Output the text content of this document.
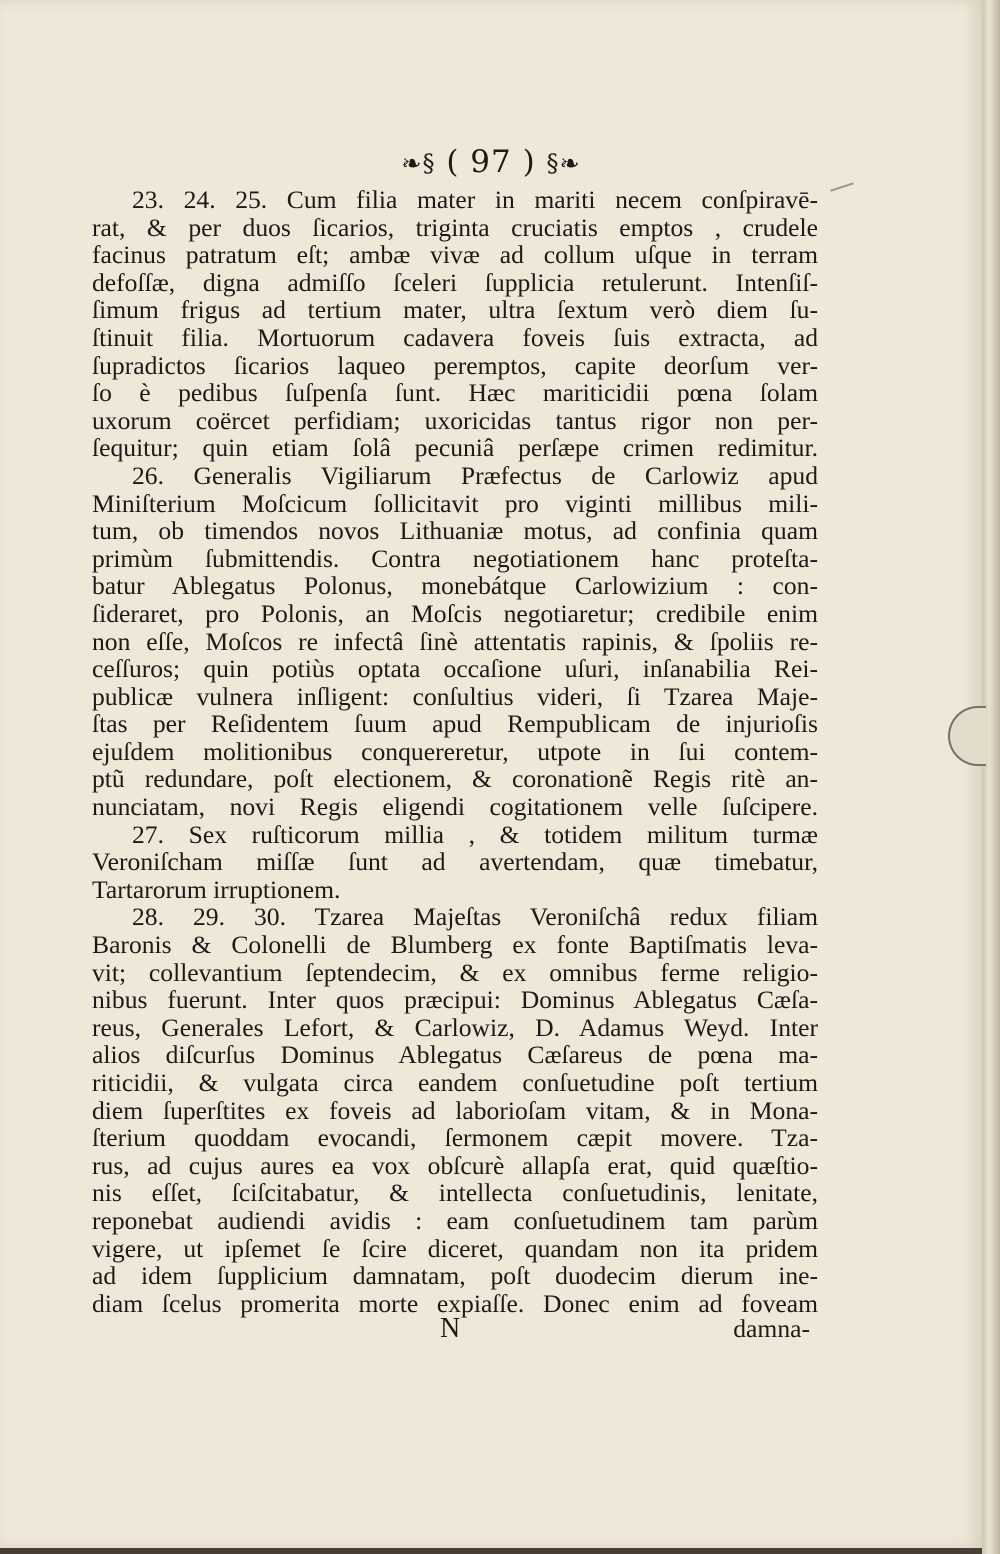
❧§ ( 97 ) §❧
23. 24. 25. Cum filia mater in mariti necem conſpiravē-
rat, & per duos ſicarios, triginta cruciatis emptos , crudele
facinus patratum eſt; ambæ vivæ ad collum uſque in terram
defoſſæ, digna admiſſo ſceleri ſupplicia retulerunt. Intenſiſ-
ſimum frigus ad tertium mater, ultra ſextum verò diem ſu-
ſtinuit filia. Mortuorum cadavera foveis ſuis extracta, ad
ſupradictos ſicarios laqueo peremptos, capite deorſum ver-
ſo è pedibus ſuſpenſa ſunt. Hæc mariticidii pœna ſolam
uxorum coërcet perfidiam; uxoricidas tantus rigor non per-
ſequitur; quin etiam ſolâ pecuniâ perſæpe crimen redimitur.
26. Generalis Vigiliarum Præfectus de Carlowiz apud
Miniſterium Moſcicum ſollicitavit pro viginti millibus mili-
tum, ob timendos novos Lithuaniæ motus, ad confinia quam
primùm ſubmittendis. Contra negotiationem hanc proteſta-
batur Ablegatus Polonus, monebátque Carlowizium : con-
ſideraret, pro Polonis, an Moſcis negotiaretur; credibile enim
non eſſe, Moſcos re infectâ ſinè attentatis rapinis, & ſpoliis re-
ceſſuros; quin potiùs optata occaſione uſuri, inſanabilia Rei-
publicæ vulnera inſligent: conſultius videri, ſi Tzarea Maje-
ſtas per Reſidentem ſuum apud Rempublicam de injurioſis
ejuſdem molitionibus conquereretur, utpote in ſui contem-
ptũ redundare, poſt electionem, & coronationẽ Regis ritè an-
nunciatam, novi Regis eligendi cogitationem velle ſuſcipere.
27. Sex ruſticorum millia , & totidem militum turmæ
Veroniſcham miſſæ ſunt ad avertendam, quæ timebatur,
Tartarorum irruptionem.
28. 29. 30. Tzarea Majeſtas Veroniſchâ redux filiam
Baronis & Colonelli de Blumberg ex fonte Baptiſmatis leva-
vit; collevantium ſeptendecim, & ex omnibus ferme religio-
nibus fuerunt. Inter quos præcipui: Dominus Ablegatus Cæſa-
reus, Generales Lefort, & Carlowiz, D. Adamus Weyd. Inter
alios diſcurſus Dominus Ablegatus Cæſareus de pœna ma-
riticidii, & vulgata circa eandem conſuetudine poſt tertium
diem ſuperſtites ex foveis ad laborioſam vitam, & in Mona-
ſterium quoddam evocandi, ſermonem cæpit movere. Tza-
rus, ad cujus aures ea vox obſcurè allapſa erat, quid quæſtio-
nis eſſet, ſciſcitabatur, & intellecta conſuetudinis, lenitate,
reponebat audiendi avidis : eam conſuetudinem tam parùm
vigere, ut ipſemet ſe ſcire diceret, quandam non ita pridem
ad idem ſupplicium damnatam, poſt duodecim dierum ine-
diam ſcelus promerita morte expiaſſe. Donec enim ad foveam
N	damna-
